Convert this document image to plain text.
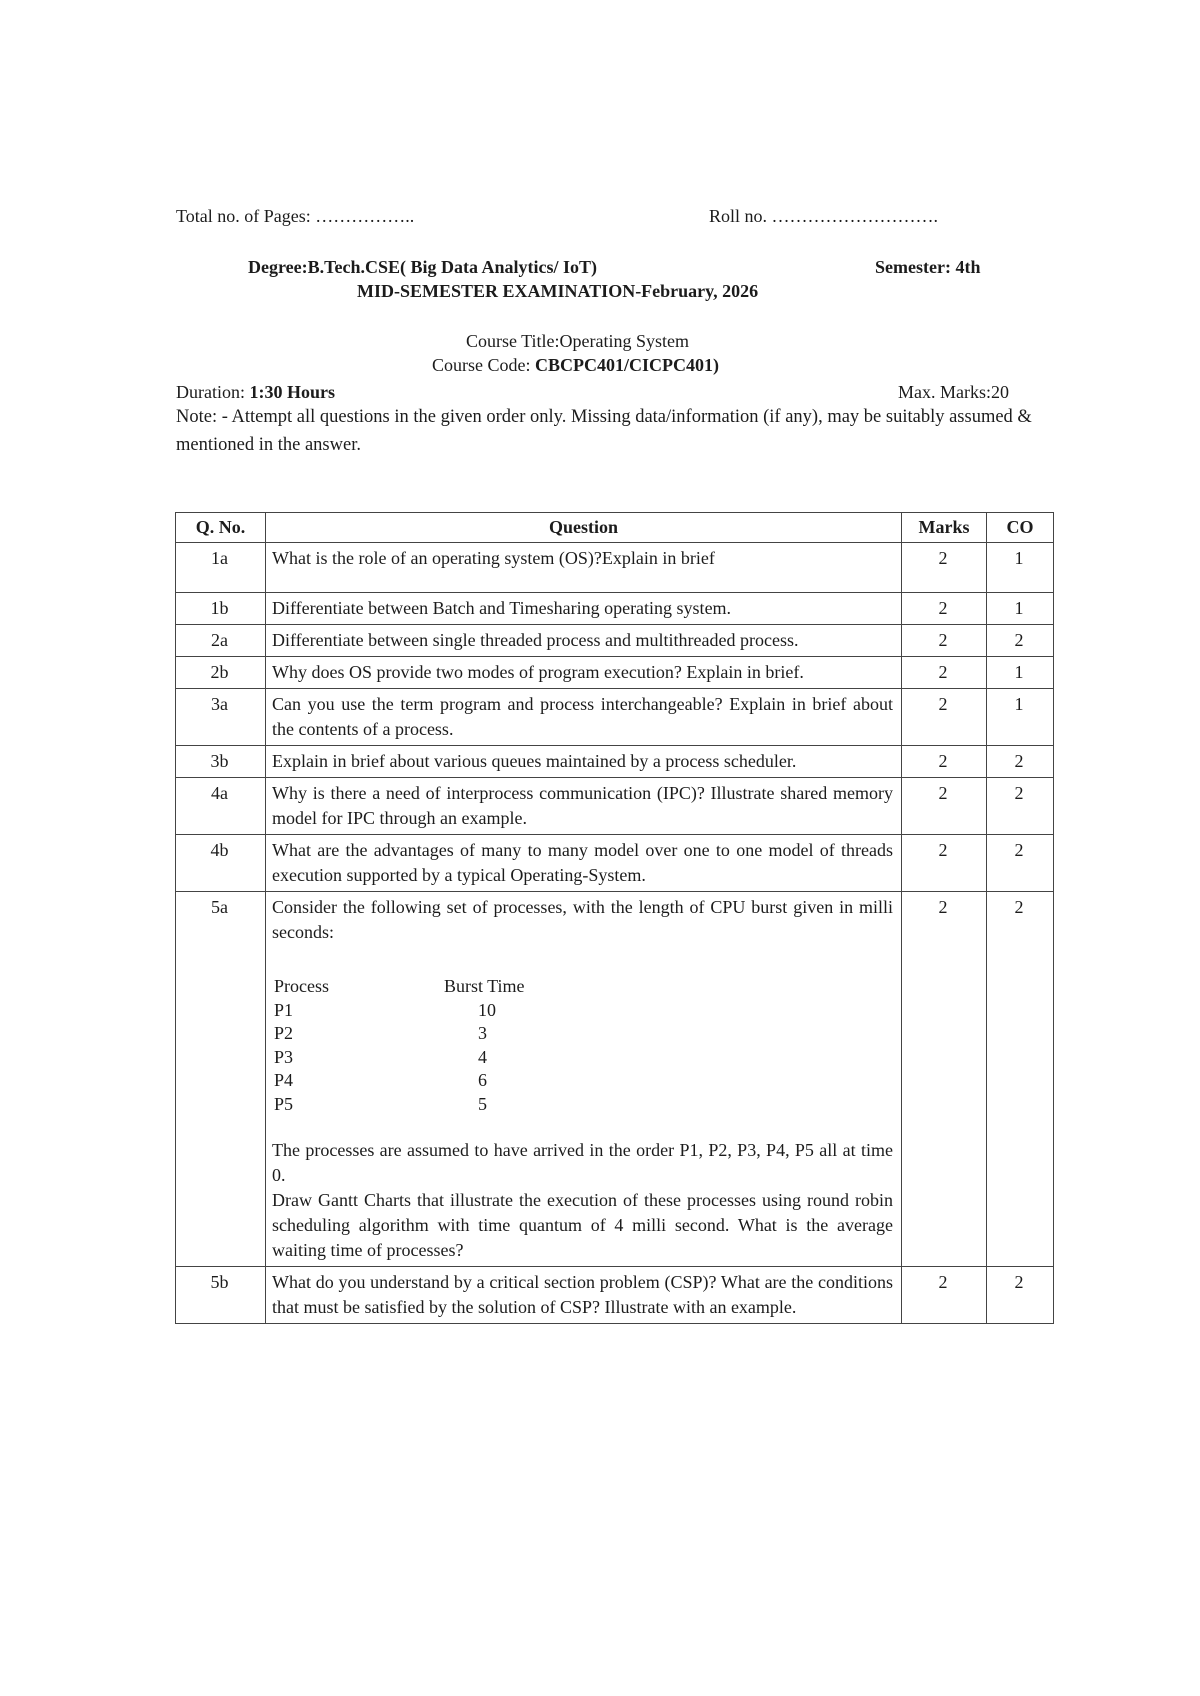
Total no. of Pages: ……………..	Roll no. ……………………….
Degree:B.Tech.CSE( Big Data Analytics/ IoT)	Semester: 4th
MID-SEMESTER EXAMINATION-February, 2026
Course Title:Operating System
Course Code: CBCPC401/CICPC401)
Duration: 1:30 Hours	Max. Marks:20
Note: - Attempt all questions in the given order only. Missing data/information (if any), may be suitably assumed & mentioned in the answer.
Q. No.	Question	Marks	CO
1a	What is the role of an operating system (OS)?Explain in brief	2	1
1b	Differentiate between Batch and Timesharing operating system.	2	1
2a	Differentiate between single threaded process and multithreaded process.	2	2
2b	Why does OS provide two modes of program execution? Explain in brief.	2	1
3a	Can you use the term program and process interchangeable? Explain in brief about the contents of a process.	2	1
3b	Explain in brief about various queues maintained by a process scheduler.	2	2
4a	Why is there a need of interprocess communication (IPC)? Illustrate shared memory model for IPC through an example.	2	2
4b	What are the advantages of many to many model over one to one model of threads execution supported by a typical Operating-System.	2	2
5a	Consider the following set of processes, with the length of CPU burst given in milli seconds:

Process	Burst Time
P1	10
P2	3
P3	4
P4	6
P5	5

The processes are assumed to have arrived in the order P1, P2, P3, P4, P5 all at time 0.

Draw Gantt Charts that illustrate the execution of these processes using round robin scheduling algorithm with time quantum of 4 milli second. What is the average waiting time of processes?

	2	2
5b	What do you understand by a critical section problem (CSP)? What are the conditions that must be satisfied by the solution of CSP? Illustrate with an example.	2	2
